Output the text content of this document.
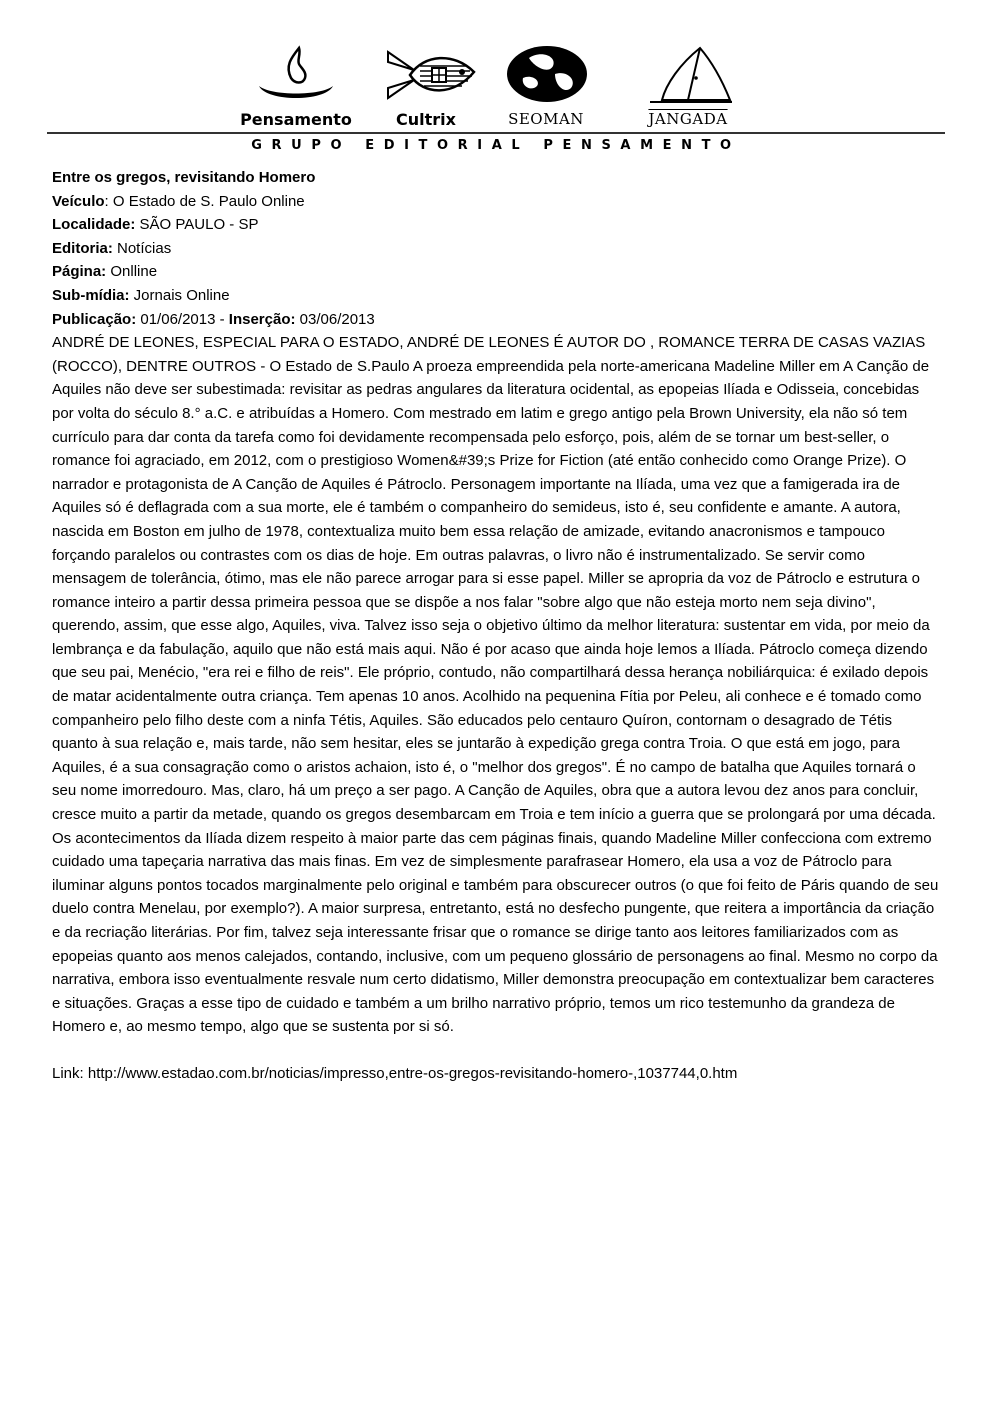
Pensamento	Cultrix	SEOMAN	JANGADA
GRUPO EDITORIAL PENSAMENTO
Entre os gregos, revisitando Homero
Veículo: O Estado de S. Paulo Online
Localidade: SÃO PAULO - SP
Editoria: Notícias
Página: Onlline
Sub-mídia: Jornais Online
Publicação: 01/06/2013 - Inserção: 03/06/2013

ANDRÉ DE LEONES, ESPECIAL PARA O ESTADO, ANDRÉ DE LEONES É AUTOR DO , ROMANCE TERRA DE CASAS VAZIAS (ROCCO), DENTRE OUTROS - O Estado de S.Paulo A proeza empreendida pela norte-americana Madeline Miller em A Canção de Aquiles não deve ser subestimada: revisitar as pedras angulares da literatura ocidental, as epopeias Ilíada e Odisseia, concebidas por volta do século 8.° a.C. e atribuídas a Homero. Com mestrado em latim e grego antigo pela Brown University, ela não só tem currículo para dar conta da tarefa como foi devidamente recompensada pelo esforço, pois, além de se tornar um best-seller, o romance foi agraciado, em 2012, com o prestigioso Women&#39;s Prize for Fiction (até então conhecido como Orange Prize). O narrador e protagonista de A Canção de Aquiles é Pátroclo. Personagem importante na Ilíada, uma vez que a famigerada ira de Aquiles só é deflagrada com a sua morte, ele é também o companheiro do semideus, isto é, seu confidente e amante. A autora, nascida em Boston em julho de 1978, contextualiza muito bem essa relação de amizade, evitando anacronismos e tampouco forçando paralelos ou contrastes com os dias de hoje. Em outras palavras, o livro não é instrumentalizado. Se servir como mensagem de tolerância, ótimo, mas ele não parece arrogar para si esse papel. Miller se apropria da voz de Pátroclo e estrutura o romance inteiro a partir dessa primeira pessoa que se dispõe a nos falar "sobre algo que não esteja morto nem seja divino", querendo, assim, que esse algo, Aquiles, viva. Talvez isso seja o objetivo último da melhor literatura: sustentar em vida, por meio da lembrança e da fabulação, aquilo que não está mais aqui. Não é por acaso que ainda hoje lemos a Ilíada. Pátroclo começa dizendo que seu pai, Menécio, "era rei e filho de reis". Ele próprio, contudo, não compartilhará dessa herança nobiliárquica: é exilado depois de matar acidentalmente outra criança. Tem apenas 10 anos. Acolhido na pequenina Fítia por Peleu, ali conhece e é tomado como companheiro pelo filho deste com a ninfa Tétis, Aquiles. São educados pelo centauro Quíron, contornam o desagrado de Tétis quanto à sua relação e, mais tarde, não sem hesitar, eles se juntarão à expedição grega contra Troia. O que está em jogo, para Aquiles, é a sua consagração como o aristos achaion, isto é, o "melhor dos gregos". É no campo de batalha que Aquiles tornará o seu nome imorredouro. Mas, claro, há um preço a ser pago. A Canção de Aquiles, obra que a autora levou dez anos para concluir, cresce muito a partir da metade, quando os gregos desembarcam em Troia e tem início a guerra que se prolongará por uma década. Os acontecimentos da Ilíada dizem respeito à maior parte das cem páginas finais, quando Madeline Miller confecciona com extremo cuidado uma tapeçaria narrativa das mais finas. Em vez de simplesmente parafrasear Homero, ela usa a voz de Pátroclo para iluminar alguns pontos tocados marginalmente pelo original e também para obscurecer outros (o que foi feito de Páris quando de seu duelo contra Menelau, por exemplo?). A maior surpresa, entretanto, está no desfecho pungente, que reitera a importância da criação e da recriação literárias. Por fim, talvez seja interessante frisar que o romance se dirige tanto aos leitores familiarizados com as epopeias quanto aos menos calejados, contando, inclusive, com um pequeno glossário de personagens ao final. Mesmo no corpo da narrativa, embora isso eventualmente resvale num certo didatismo, Miller demonstra preocupação em contextualizar bem caracteres e situações. Graças a esse tipo de cuidado e também a um brilho narrativo próprio, temos um rico testemunho da grandeza de Homero e, ao mesmo tempo, algo que se sustenta por si só.

Link: http://www.estadao.com.br/noticias/impresso,entre-os-gregos-revisitando-homero-,1037744,0.htm
